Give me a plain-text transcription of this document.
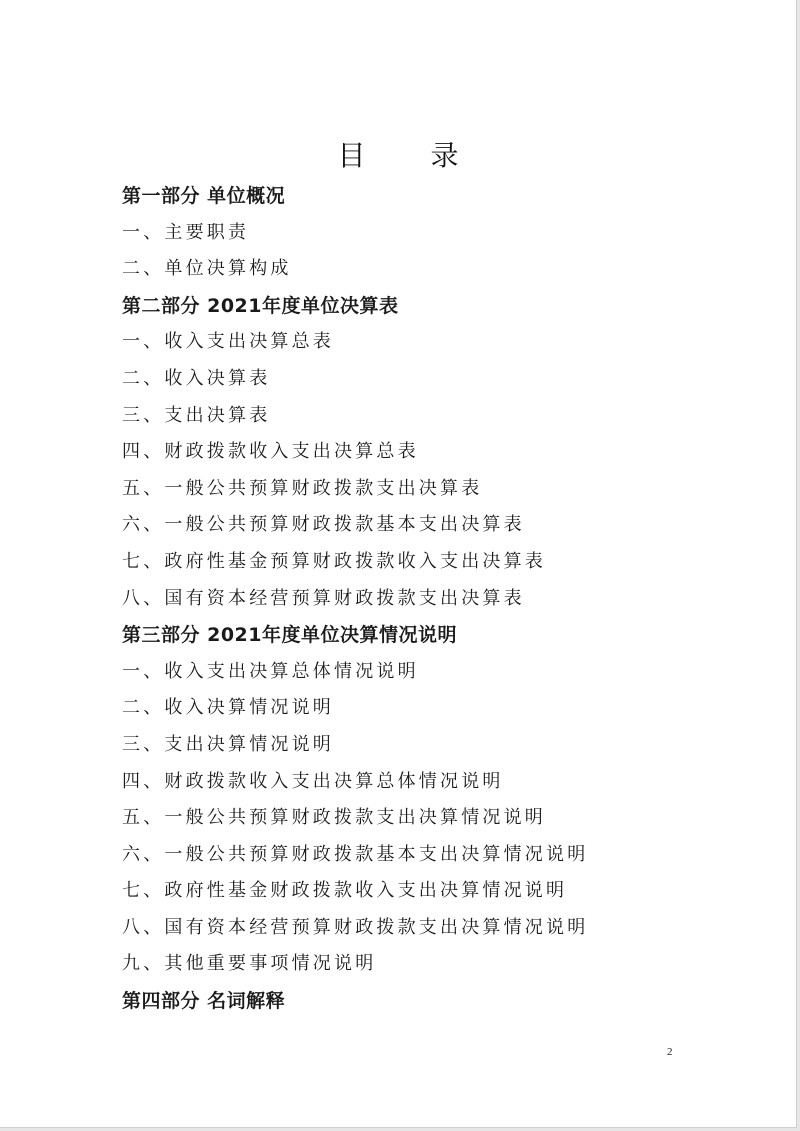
目 录
第一部分 单位概况
一、主要职责
二、单位决算构成
第二部分 2021年度单位决算表
一、收入支出决算总表
二、收入决算表
三、支出决算表
四、财政拨款收入支出决算总表
五、一般公共预算财政拨款支出决算表
六、一般公共预算财政拨款基本支出决算表
七、政府性基金预算财政拨款收入支出决算表
八、国有资本经营预算财政拨款支出决算表
第三部分 2021年度单位决算情况说明
一、收入支出决算总体情况说明
二、收入决算情况说明
三、支出决算情况说明
四、财政拨款收入支出决算总体情况说明
五、一般公共预算财政拨款支出决算情况说明
六、一般公共预算财政拨款基本支出决算情况说明
七、政府性基金财政拨款收入支出决算情况说明
八、国有资本经营预算财政拨款支出决算情况说明
九、其他重要事项情况说明
第四部分 名词解释
2
